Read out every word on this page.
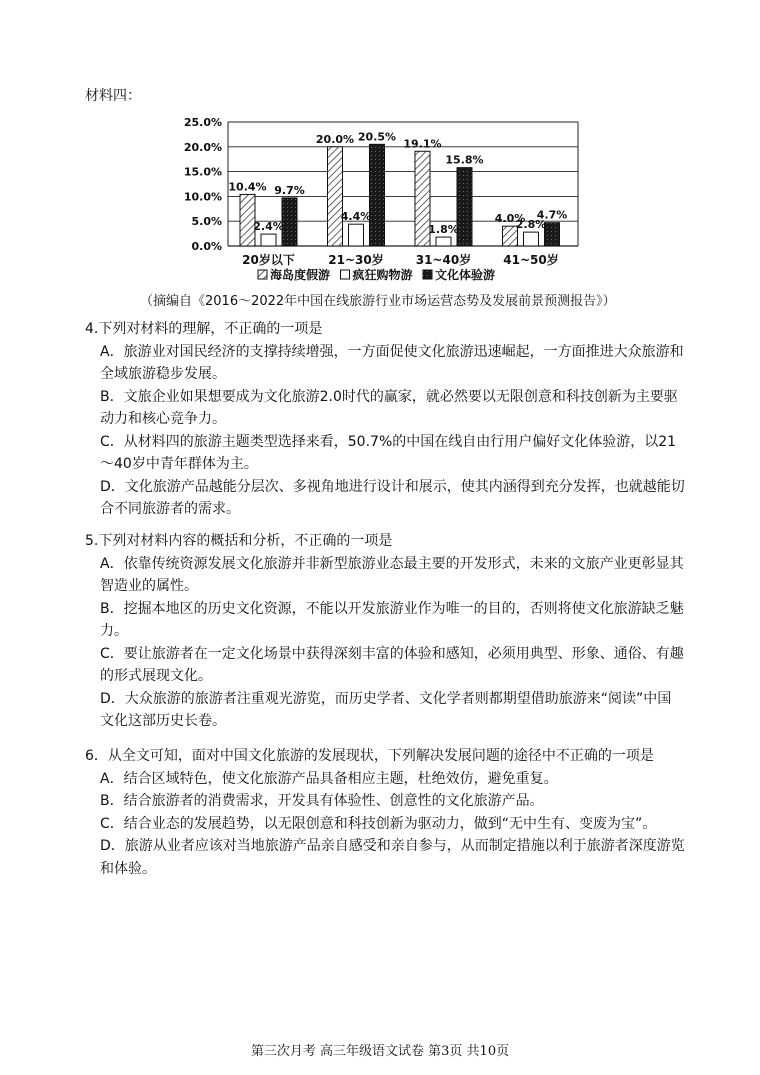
材料四：
0.0%
5.0%
10.0%
15.0%
20.0%
25.0%
10.4%
2.4%
9.7%
20.0%
4.4%
20.5%
19.1%
1.8%
15.8%
4.0%
2.8%
4.7%
20岁以下	21~30岁	31~40岁	41~50岁
海岛度假游 疯狂购物游 文化体验游
（摘编自《2016～2022年中国在线旅游行业市场运营态势及发展前景预测报告》）

4.下列对材料的理解，不正确的一项是

A．旅游业对国民经济的支撑持续增强，一方面促使文化旅游迅速崛起，一方面推进大众旅游和全域旅游稳步发展。

B．文旅企业如果想要成为文化旅游2.0时代的赢家，就必然要以无限创意和科技创新为主要驱动力和核心竞争力。

C．从材料四的旅游主题类型选择来看，50.7%的中国在线自由行用户偏好文化体验游，以21～40岁中青年群体为主。

D．文化旅游产品越能分层次、多视角地进行设计和展示，使其内涵得到充分发挥，也就越能切合不同旅游者的需求。

5.下列对材料内容的概括和分析，不正确的一项是

A．依靠传统资源发展文化旅游并非新型旅游业态最主要的开发形式，未来的文旅产业更彰显其智造业的属性。

B．挖掘本地区的历史文化资源，不能以开发旅游业作为唯一的目的，否则将使文化旅游缺乏魅力。

C．要让旅游者在一定文化场景中获得深刻丰富的体验和感知，必须用典型、形象、通俗、有趣的形式展现文化。

D．大众旅游的旅游者注重观光游览，而历史学者、文化学者则都期望借助旅游来“阅读”中国文化这部历史长卷。

6．从全文可知，面对中国文化旅游的发展现状，下列解决发展问题的途径中不正确的一项是

A．结合区域特色，使文化旅游产品具备相应主题，杜绝效仿，避免重复。

B．结合旅游者的消费需求，开发具有体验性、创意性的文化旅游产品。

C．结合业态的发展趋势，以无限创意和科技创新为驱动力，做到“无中生有、变废为宝”。

D．旅游从业者应该对当地旅游产品亲自感受和亲自参与，从而制定措施以利于旅游者深度游览和体验。

第三次月考 高三年级语文试卷 第3页 共10页
